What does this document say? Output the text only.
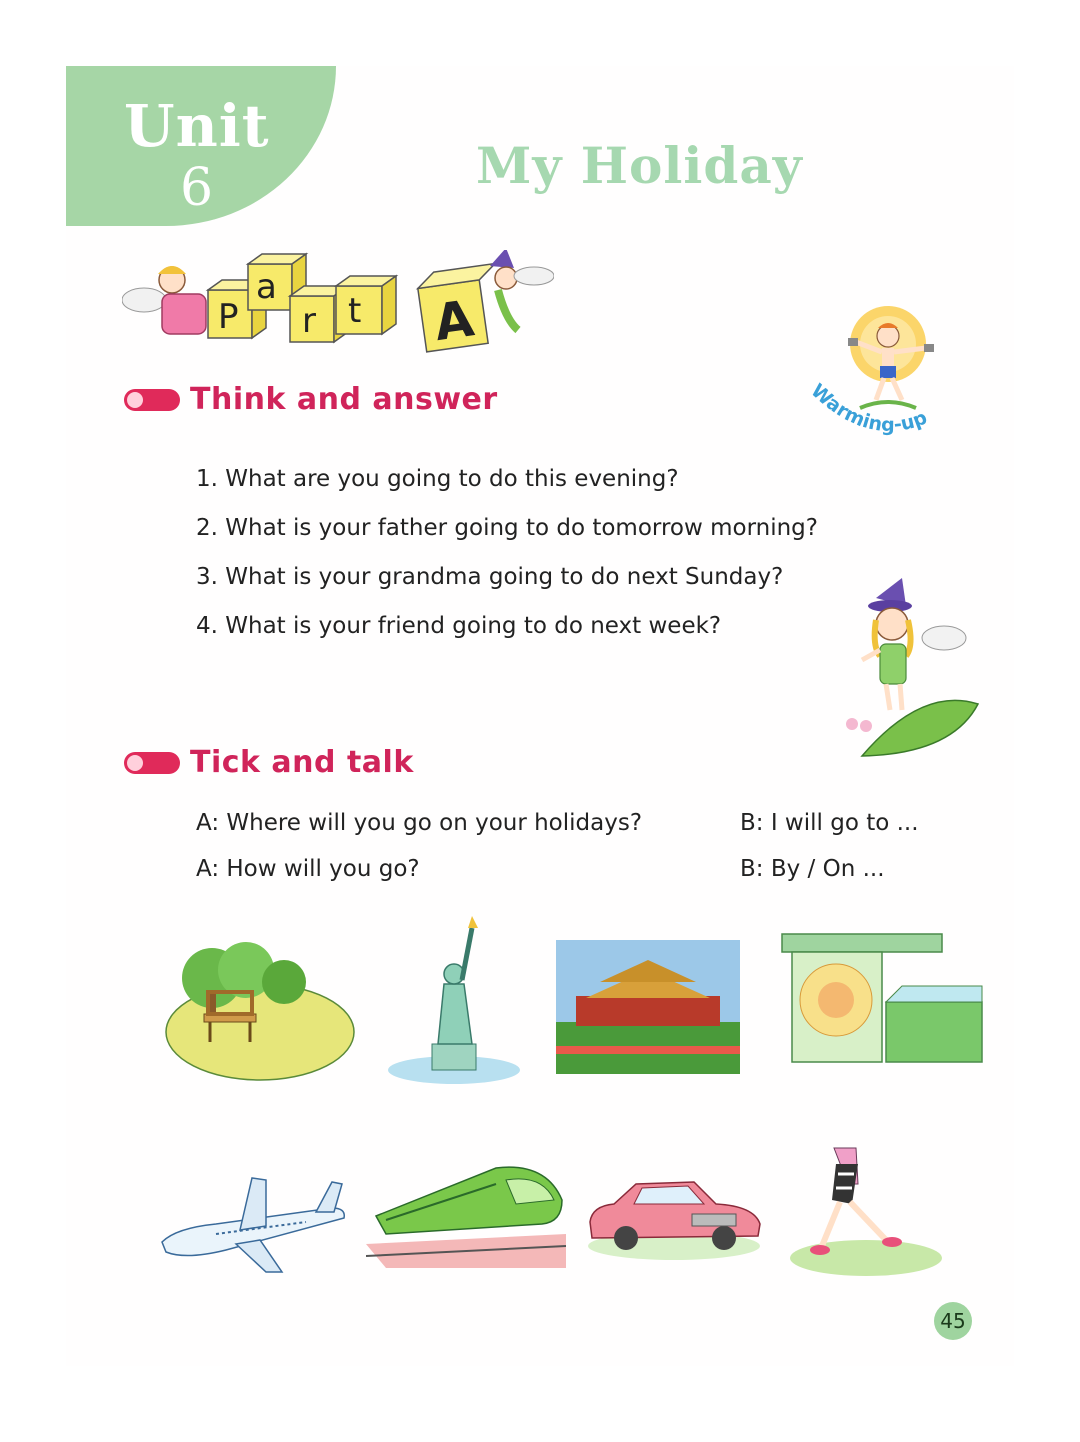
Unit
6	My Holiday
P
a
r t A
Warming-up
Think and answer
1. What are you going to do this evening?
2. What is your father going to do tomorrow morning?
3. What is your grandma going to do next Sunday?
4. What is your friend going to do next week?
Tick and talk
A: Where will you go on your holidays?	B: I will go to ...
A: How will you go?	B: By / On ...
45
